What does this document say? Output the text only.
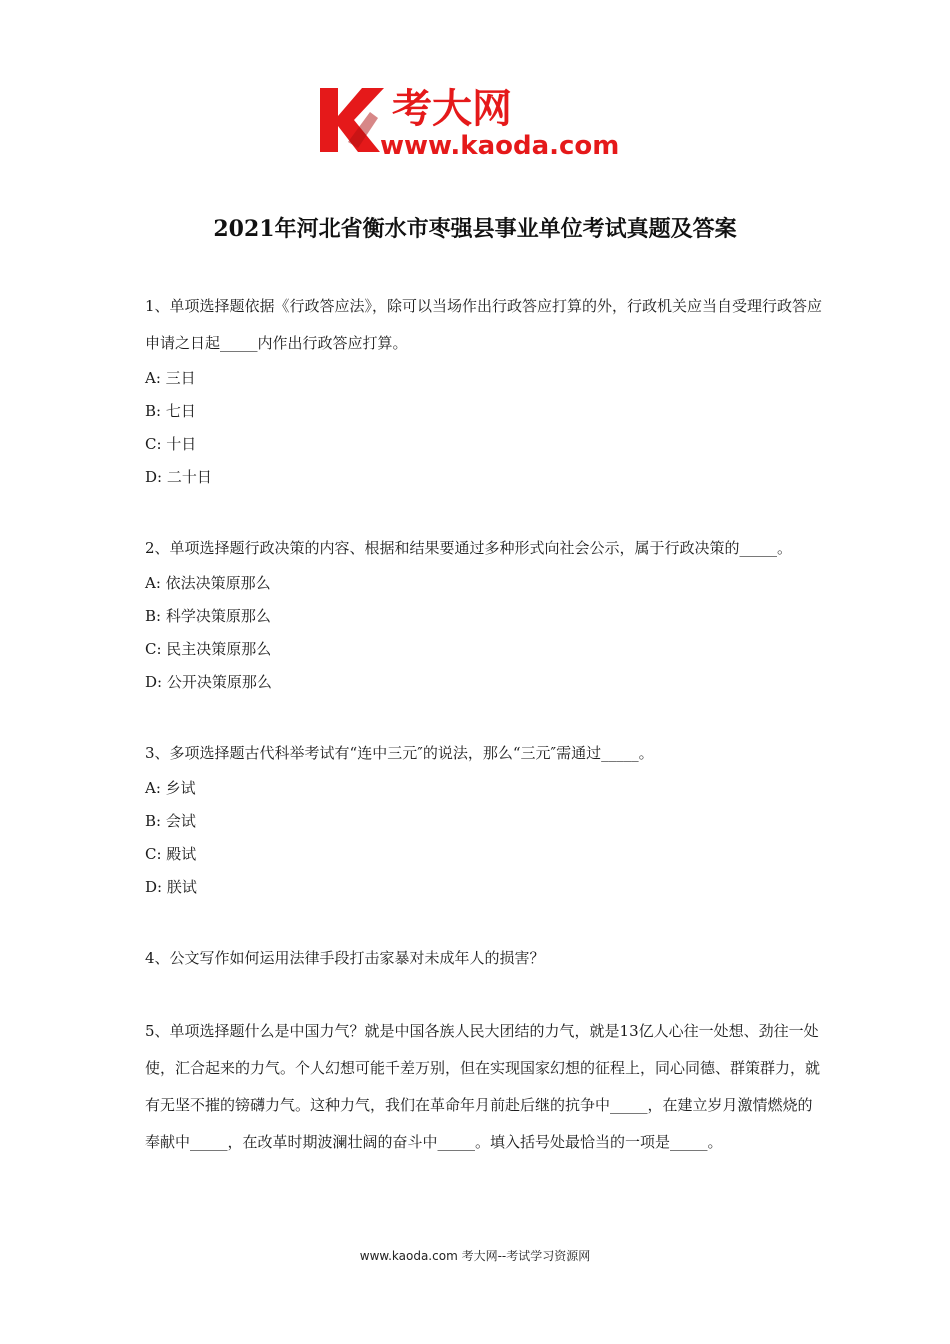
考大网
www.kaoda.com
2021年河北省衡水市枣强县事业单位考试真题及答案

1、单项选择题依据《行政答应法》，除可以当场作出行政答应打算的外，行政机关应当自受理行政答应申请之日起_____内作出行政答应打算。

A: 三日

B: 七日

C: 十日

D: 二十日

2、单项选择题行政决策的内容、根据和结果要通过多种形式向社会公示，属于行政决策的_____。

A: 依法决策原那么

B: 科学决策原那么

C: 民主决策原那么

D: 公开决策原那么

3、多项选择题古代科举考试有“连中三元″的说法，那么“三元″需通过_____。

A: 乡试

B: 会试

C: 殿试

D: 朕试

4、公文写作如何运用法律手段打击家暴对未成年人的损害？

5、单项选择题什么是中国力气？就是中国各族人民大团结的力气，就是13亿人心往一处想、劲往一处使，汇合起来的力气。个人幻想可能千差万别，但在实现国家幻想的征程上，同心同德、群策群力，就有无坚不摧的镑礴力气。这种力气，我们在革命年月前赴后继的抗争中_____，在建立岁月激情燃烧的奉献中_____，在改革时期波澜壮阔的奋斗中_____。填入括号处最恰当的一项是_____。

www.kaoda.com 考大网--考试学习资源网
